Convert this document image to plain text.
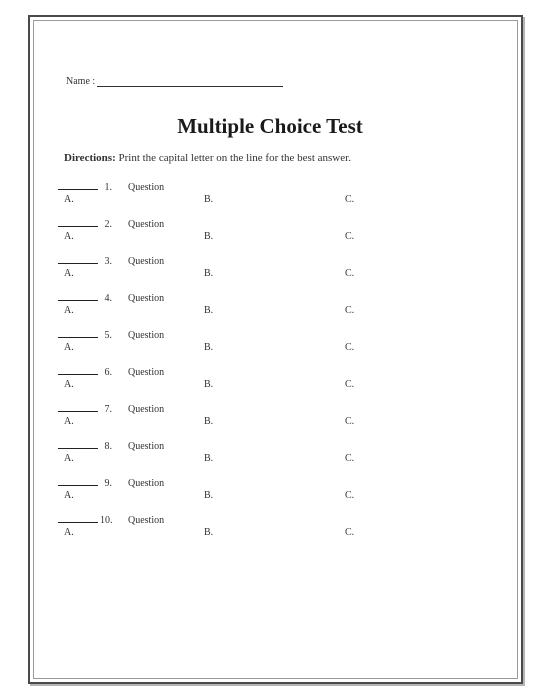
Name :
Multiple Choice Test
Directions: Print the capital letter on the line for the best answer.
1. Question
A.	B.	C.
2. Question
A.	B.	C.
3. Question
A.	B.	C.
4. Question
A.	B.	C.
5. Question
A.	B.	C.
6. Question
A.	B.	C.
7. Question
A.	B.	C.
8. Question
A.	B.	C.
9. Question
A.	B.	C.
10. Question
A.	B.	C.
